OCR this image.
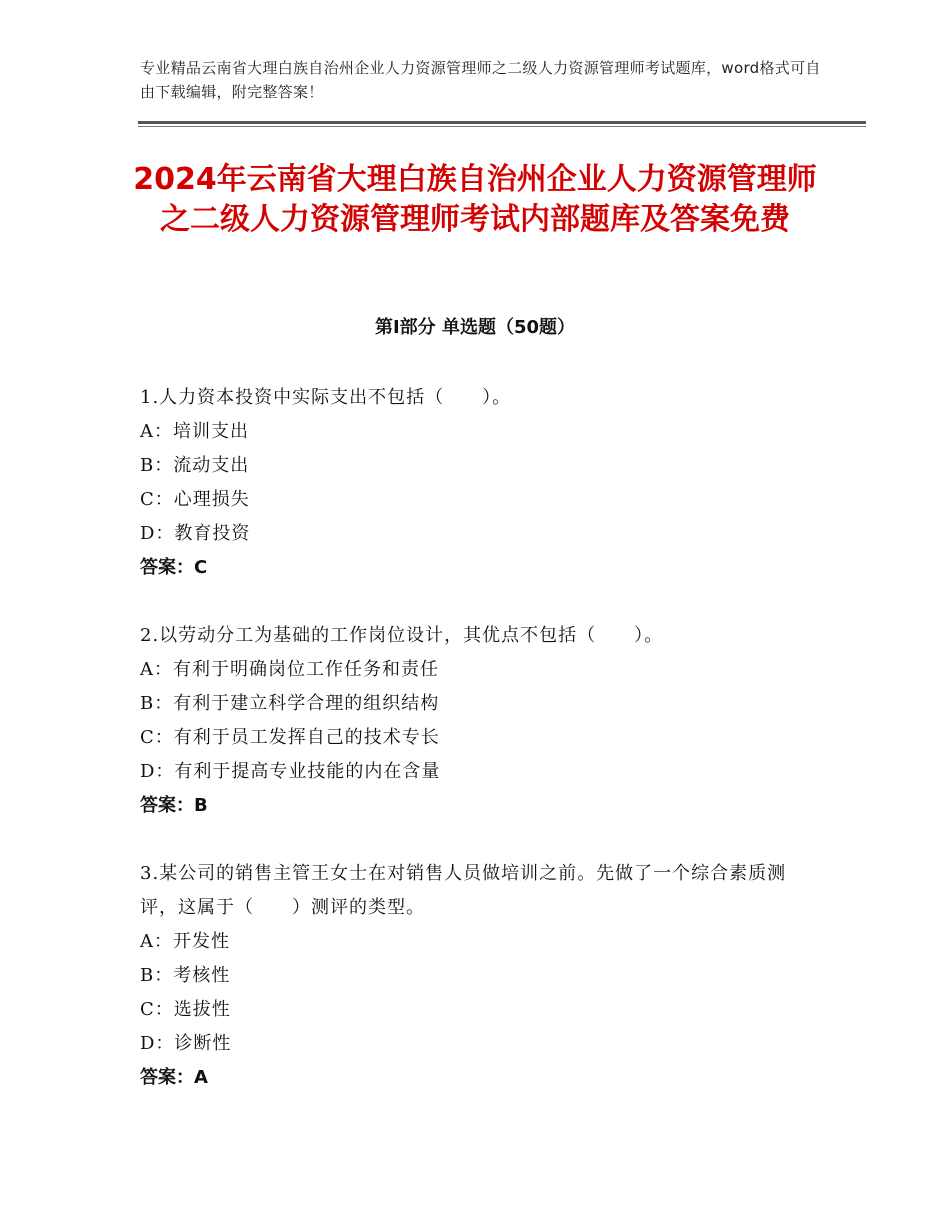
专业精品云南省大理白族自治州企业人力资源管理师之二级人力资源管理师考试题库，word格式可自由下载编辑，附完整答案！
2024年云南省大理白族自治州企业人力资源管理师之二级人力资源管理师考试内部题库及答案免费
第Ⅰ部分 单选题（50题）
1.人力资本投资中实际支出不包括（　　）。
A：培训支出
B：流动支出
C：心理损失
D：教育投资
答案：C
2.以劳动分工为基础的工作岗位设计，其优点不包括（　　）。
A：有利于明确岗位工作任务和责任
B：有利于建立科学合理的组织结构
C：有利于员工发挥自己的技术专长
D：有利于提高专业技能的内在含量
答案：B
3.某公司的销售主管王女士在对销售人员做培训之前。先做了一个综合素质测评，这属于（　　）测评的类型。
A：开发性
B：考核性
C：选拔性
D：诊断性
答案：A
